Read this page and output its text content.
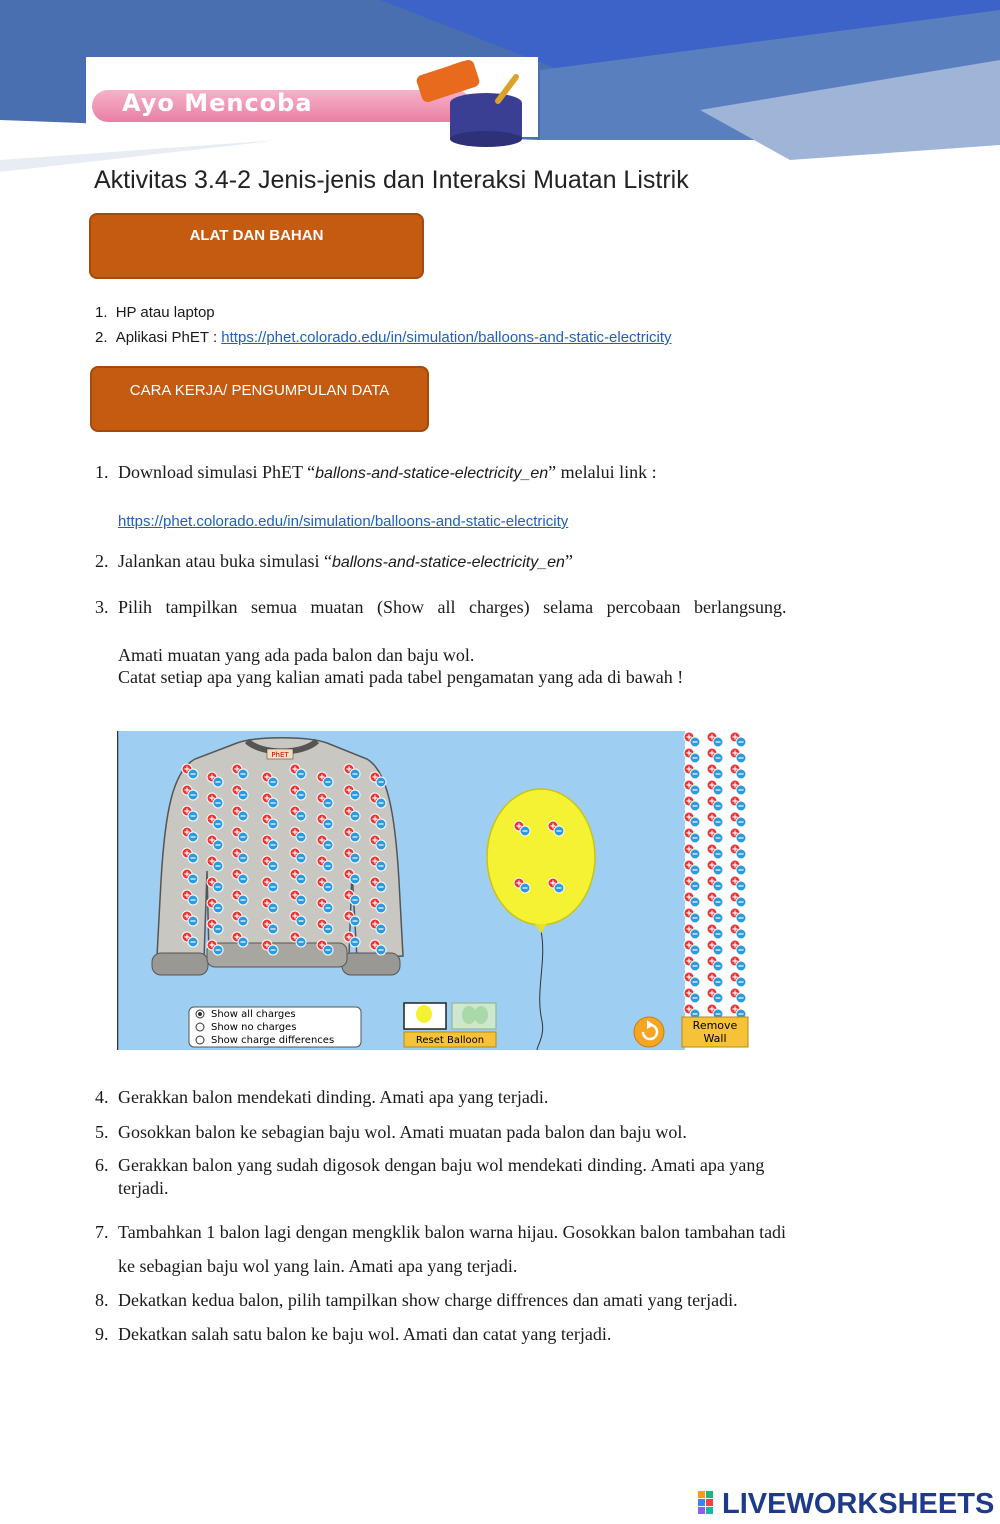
Ayo Mencoba
Aktivitas 3.4-2 Jenis-jenis dan Interaksi Muatan Listrik
ALAT DAN BAHAN
1. HP atau laptop
2. Aplikasi PhET : https://phet.colorado.edu/in/simulation/balloons-and-static-electricity
CARA KERJA/ PENGUMPULAN DATA
1. Download simulasi PhET “ballons-and-statice-electricity_en” melalui link :
https://phet.colorado.edu/in/simulation/balloons-and-static-electricity
2. Jalankan atau buka simulasi “ballons-and-statice-electricity_en”
3. Pilih tampilkan semua muatan (Show all charges) selama percobaan berlangsung.
Amati muatan yang ada pada balon dan baju wol.
Catat setiap apa yang kalian amati pada tabel pengamatan yang ada di bawah !
PhET
Show all charges
Show no charges
Show charge differences	Reset Balloon
Remove
Wall
4. Gerakkan balon mendekati dinding. Amati apa yang terjadi.
5. Gosokkan balon ke sebagian baju wol. Amati muatan pada balon dan baju wol.
6. Gerakkan balon yang sudah digosok dengan baju wol mendekati dinding. Amati apa yang
terjadi.
7. Tambahkan 1 balon lagi dengan mengklik balon warna hijau. Gosokkan balon tambahan tadi
ke sebagian baju wol yang lain. Amati apa yang terjadi.
8. Dekatkan kedua balon, pilih tampilkan show charge diffrences dan amati yang terjadi.
9. Dekatkan salah satu balon ke baju wol. Amati dan catat yang terjadi.
LIVEWORKSHEETS
